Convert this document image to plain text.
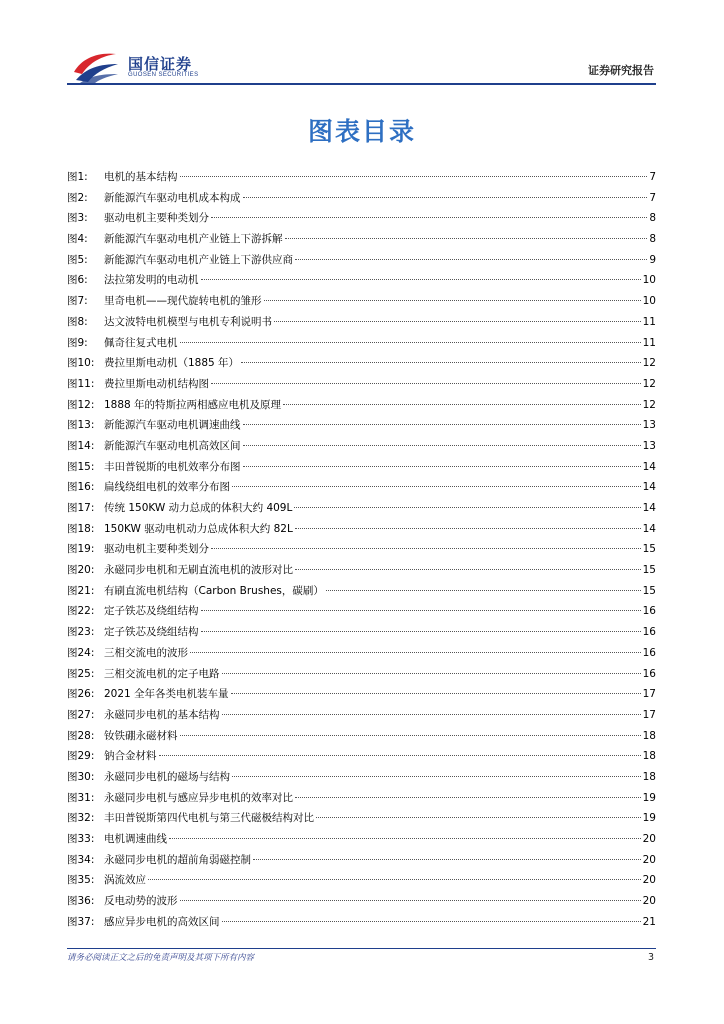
国信证券
GUOSEN SECURITIES	证券研究报告
图表目录
图1:	电机的基本结构	7
图2:	新能源汽车驱动电机成本构成	7
图3:	驱动电机主要种类划分	8
图4:	新能源汽车驱动电机产业链上下游拆解	8
图5:	新能源汽车驱动电机产业链上下游供应商	9
图6:	法拉第发明的电动机	10
图7:	里奇电机——现代旋转电机的雏形	10
图8:	达文波特电机模型与电机专利说明书	11
图9:	佩奇往复式电机	11
图10: 费拉里斯电动机（1885 年）	12
图11: 费拉里斯电动机结构图	12
图12: 1888 年的特斯拉两相感应电机及原理	12
图13: 新能源汽车驱动电机调速曲线	13
图14: 新能源汽车驱动电机高效区间	13
图15: 丰田普锐斯的电机效率分布图	14
图16: 扁线绕组电机的效率分布图	14
图17: 传统 150KW 动力总成的体积大约 409L	14
图18: 150KW 驱动电机动力总成体积大约 82L	14
图19: 驱动电机主要种类划分	15
图20: 永磁同步电机和无刷直流电机的波形对比	15
图21: 有刷直流电机结构（Carbon Brushes，碳刷）	15
图22: 定子铁芯及绕组结构	16
图23: 定子铁芯及绕组结构	16
图24: 三相交流电的波形	16
图25: 三相交流电机的定子电路	16
图26: 2021 全年各类电机装车量	17
图27: 永磁同步电机的基本结构	17
图28: 钕铁硼永磁材料	18
图29: 钠合金材料	18
图30: 永磁同步电机的磁场与结构	18
图31: 永磁同步电机与感应异步电机的效率对比	19
图32: 丰田普锐斯第四代电机与第三代磁极结构对比	19
图33: 电机调速曲线	20
图34: 永磁同步电机的超前角弱磁控制	20
图35: 涡流效应	20
图36: 反电动势的波形	20
图37: 感应异步电机的高效区间	21
请务必阅读正文之后的免责声明及其项下所有内容	3
